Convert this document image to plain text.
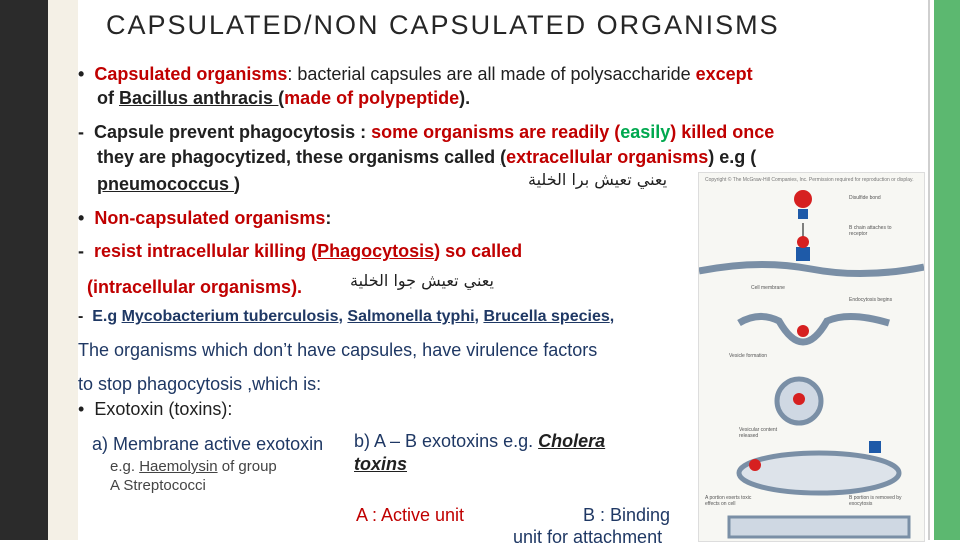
CAPSULATED/NON CAPSULATED ORGANISMS
• Capsulated organisms: bacterial capsules are all made of polysaccharide except
of Bacillus anthracis (made of polypeptide).
- Capsule prevent phagocytosis : some organisms are readily (easily) killed once
they are phagocytized, these organisms called (extracellular organisms) e.g (
pneumococcus )	يعني تعيش برا الخلية
• Non-capsulated organisms:
- resist intracellular killing (Phagocytosis) so called
(intracellular organisms).	يعني تعيش جوا الخلية
- E.g Mycobacterium tuberculosis, Salmonella typhi, Brucella species,
The organisms which don’t have capsules, have virulence factors
to stop phagocytosis ,which is:
• Exotoxin (toxins):
a) Membrane active exotoxin
e.g. Haemolysin of group
A Streptococci
b) A – B exotoxins e.g. Cholera
toxins
A : Active unit	B : Binding
unit for attachment
Copyright © The McGraw-Hill Companies, Inc. Permission required for reproduction or display.
Disulfide bond
B chain attaches to receptor
Cell membrane
Endocytosis begins
Vesicle formation
Vesicular content released
A portion exerts toxic effects on cell
B portion is removed by exocytosis
